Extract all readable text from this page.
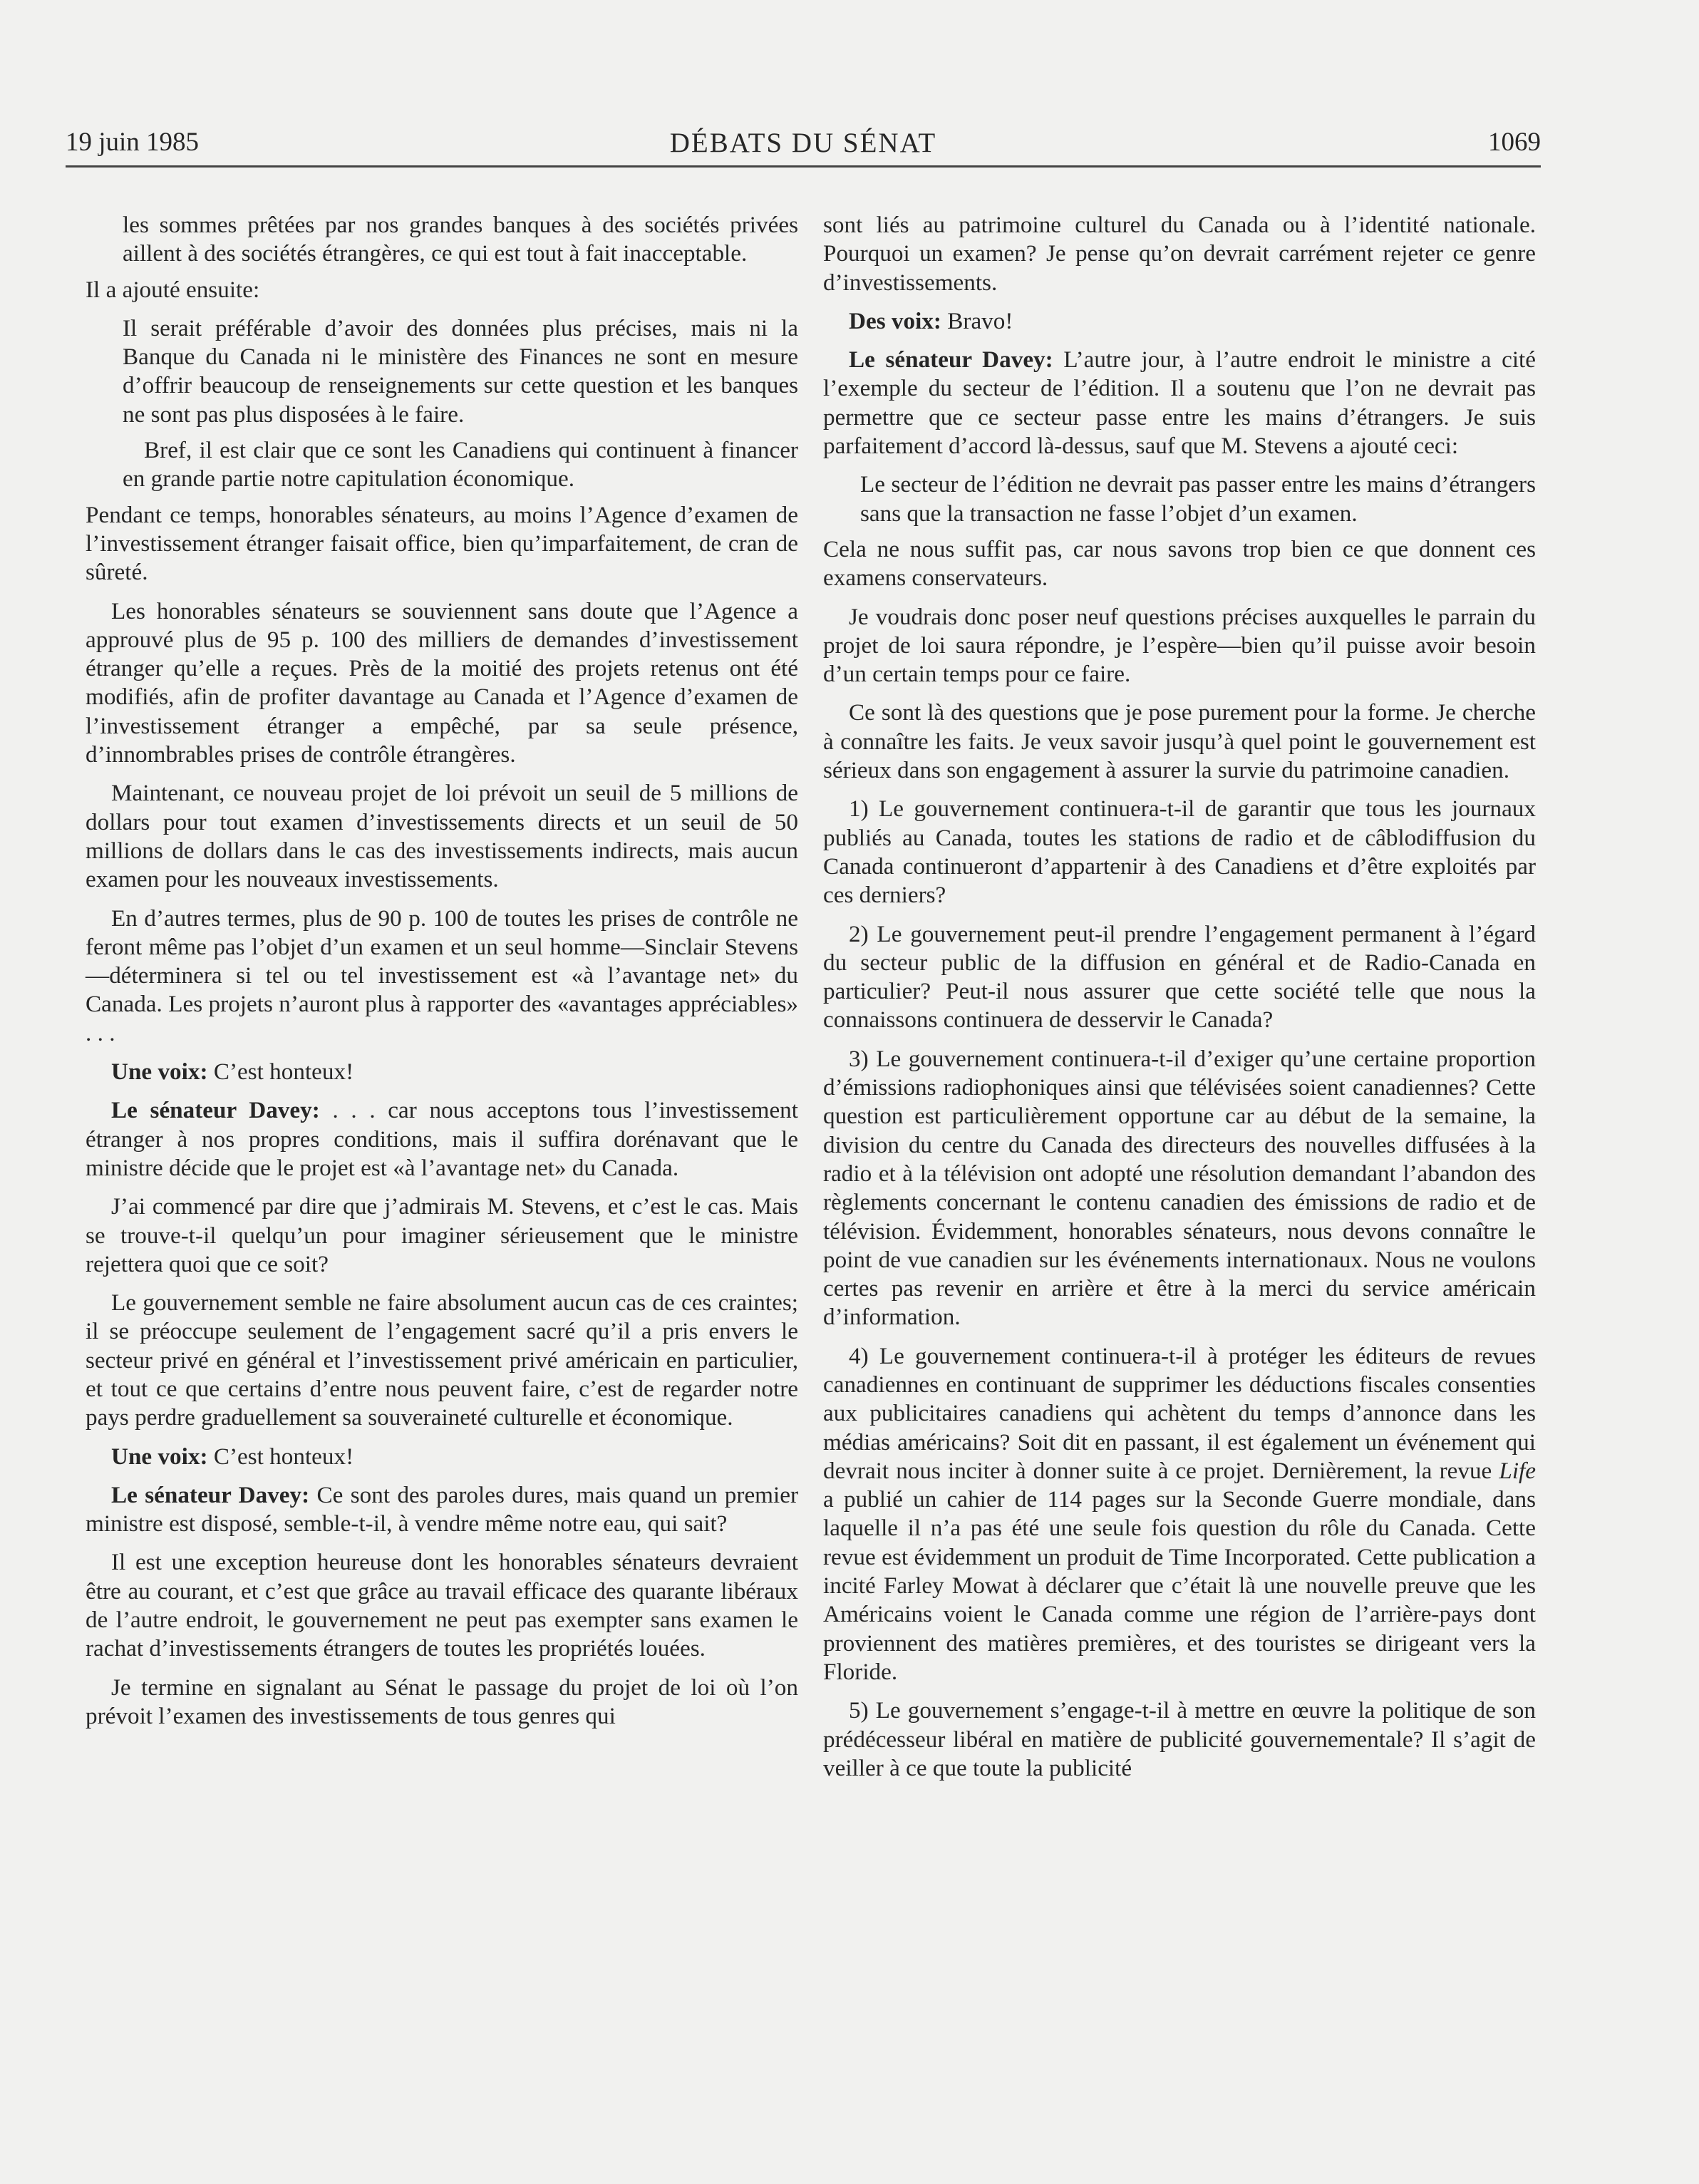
19 juin 1985	DÉBATS DU SÉNAT	1069

les sommes prêtées par nos grandes banques à des sociétés privées aillent à des sociétés étrangères, ce qui est tout à fait inacceptable.

Il a ajouté ensuite:

Il serait préférable d’avoir des données plus précises, mais ni la Banque du Canada ni le ministère des Finances ne sont en mesure d’offrir beaucoup de renseignements sur cette question et les banques ne sont pas plus disposées à le faire.

Bref, il est clair que ce sont les Canadiens qui continuent à financer en grande partie notre capitulation économique.

Pendant ce temps, honorables sénateurs, au moins l’Agence d’examen de l’investissement étranger faisait office, bien qu’imparfaitement, de cran de sûreté.

Les honorables sénateurs se souviennent sans doute que l’Agence a approuvé plus de 95 p. 100 des milliers de demandes d’investissement étranger qu’elle a reçues. Près de la moitié des projets retenus ont été modifiés, afin de profiter davantage au Canada et l’Agence d’examen de l’investissement étranger a empêché, par sa seule présence, d’innombrables prises de contrôle étrangères.

Maintenant, ce nouveau projet de loi prévoit un seuil de 5 millions de dollars pour tout examen d’investissements directs et un seuil de 50 millions de dollars dans le cas des investissements indirects, mais aucun examen pour les nouveaux investissements.

En d’autres termes, plus de 90 p. 100 de toutes les prises de contrôle ne feront même pas l’objet d’un examen et un seul homme—Sinclair Stevens—déterminera si tel ou tel investissement est «à l’avantage net» du Canada. Les projets n’auront plus à rapporter des «avantages appréciables» . . .

Une voix: C’est honteux!

Le sénateur Davey: . . . car nous acceptons tous l’investissement étranger à nos propres conditions, mais il suffira dorénavant que le ministre décide que le projet est «à l’avantage net» du Canada.

J’ai commencé par dire que j’admirais M. Stevens, et c’est le cas. Mais se trouve-t-il quelqu’un pour imaginer sérieusement que le ministre rejettera quoi que ce soit?

Le gouvernement semble ne faire absolument aucun cas de ces craintes; il se préoccupe seulement de l’engagement sacré qu’il a pris envers le secteur privé en général et l’investissement privé américain en particulier, et tout ce que certains d’entre nous peuvent faire, c’est de regarder notre pays perdre graduellement sa souveraineté culturelle et économique.

Une voix: C’est honteux!

Le sénateur Davey: Ce sont des paroles dures, mais quand un premier ministre est disposé, semble-t-il, à vendre même notre eau, qui sait?

Il est une exception heureuse dont les honorables sénateurs devraient être au courant, et c’est que grâce au travail efficace des quarante libéraux de l’autre endroit, le gouvernement ne peut pas exempter sans examen le rachat d’investissements étrangers de toutes les propriétés louées.

Je termine en signalant au Sénat le passage du projet de loi où l’on prévoit l’examen des investissements de tous genres qui

sont liés au patrimoine culturel du Canada ou à l’identité nationale. Pourquoi un examen? Je pense qu’on devrait carrément rejeter ce genre d’investissements.

Des voix: Bravo!

Le sénateur Davey: L’autre jour, à l’autre endroit le ministre a cité l’exemple du secteur de l’édition. Il a soutenu que l’on ne devrait pas permettre que ce secteur passe entre les mains d’étrangers. Je suis parfaitement d’accord là-dessus, sauf que M. Stevens a ajouté ceci:

Le secteur de l’édition ne devrait pas passer entre les mains d’étrangers sans que la transaction ne fasse l’objet d’un examen.

Cela ne nous suffit pas, car nous savons trop bien ce que donnent ces examens conservateurs.

Je voudrais donc poser neuf questions précises auxquelles le parrain du projet de loi saura répondre, je l’espère—bien qu’il puisse avoir besoin d’un certain temps pour ce faire.

Ce sont là des questions que je pose purement pour la forme. Je cherche à connaître les faits. Je veux savoir jusqu’à quel point le gouvernement est sérieux dans son engagement à assurer la survie du patrimoine canadien.

1) Le gouvernement continuera-t-il de garantir que tous les journaux publiés au Canada, toutes les stations de radio et de câblodiffusion du Canada continueront d’appartenir à des Canadiens et d’être exploités par ces derniers?

2) Le gouvernement peut-il prendre l’engagement permanent à l’égard du secteur public de la diffusion en général et de Radio-Canada en particulier? Peut-il nous assurer que cette société telle que nous la connaissons continuera de desservir le Canada?

3) Le gouvernement continuera-t-il d’exiger qu’une certaine proportion d’émissions radiophoniques ainsi que télévisées soient canadiennes? Cette question est particulièrement opportune car au début de la semaine, la division du centre du Canada des directeurs des nouvelles diffusées à la radio et à la télévision ont adopté une résolution demandant l’abandon des règlements concernant le contenu canadien des émissions de radio et de télévision. Évidemment, honorables sénateurs, nous devons connaître le point de vue canadien sur les événements internationaux. Nous ne voulons certes pas revenir en arrière et être à la merci du service américain d’information.

4) Le gouvernement continuera-t-il à protéger les éditeurs de revues canadiennes en continuant de supprimer les déductions fiscales consenties aux publicitaires canadiens qui achètent du temps d’annonce dans les médias américains? Soit dit en passant, il est également un événement qui devrait nous inciter à donner suite à ce projet. Dernièrement, la revue Life a publié un cahier de 114 pages sur la Seconde Guerre mondiale, dans laquelle il n’a pas été une seule fois question du rôle du Canada. Cette revue est évidemment un produit de Time Incorporated. Cette publication a incité Farley Mowat à déclarer que c’était là une nouvelle preuve que les Américains voient le Canada comme une région de l’arrière-pays dont proviennent des matières premières, et des touristes se dirigeant vers la Floride.

5) Le gouvernement s’engage-t-il à mettre en œuvre la politique de son prédécesseur libéral en matière de publicité gouvernementale? Il s’agit de veiller à ce que toute la publicité
